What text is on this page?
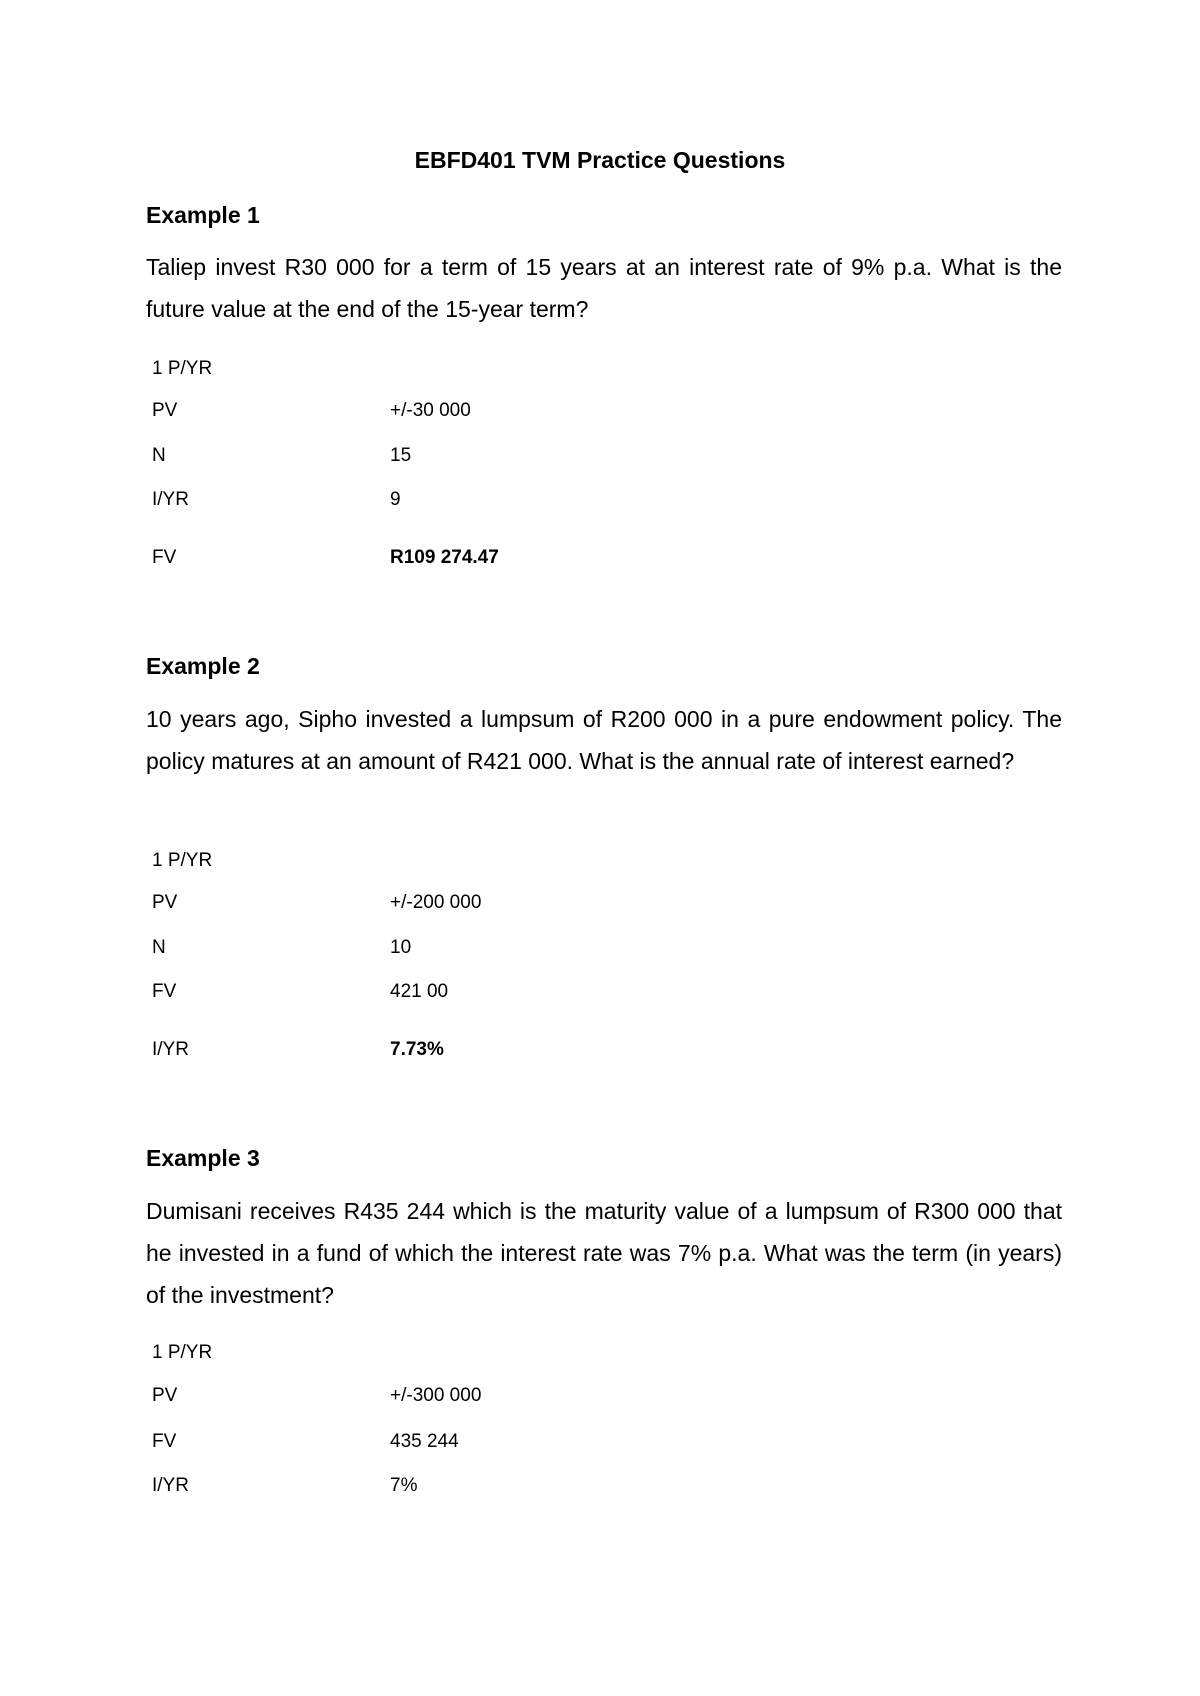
EBFD401 TVM Practice Questions
Example 1

Taliep invest R30 000 for a term of 15 years at an interest rate of 9% p.a. What is the future value at the end of the 15-year term?

1 P/YR
PV	+/-30 000
N	15
I/YR	9
FV	R109 274.47
Example 2

10 years ago, Sipho invested a lumpsum of R200 000 in a pure endowment policy. The policy matures at an amount of R421 000. What is the annual rate of interest earned?

1 P/YR
PV	+/-200 000
N	10
FV	421 00
I/YR	7.73%
Example 3

Dumisani receives R435 244 which is the maturity value of a lumpsum of R300 000 that he invested in a fund of which the interest rate was 7% p.a. What was the term (in years) of the investment?

1 P/YR
PV	+/-300 000
FV	435 244
I/YR	7%
